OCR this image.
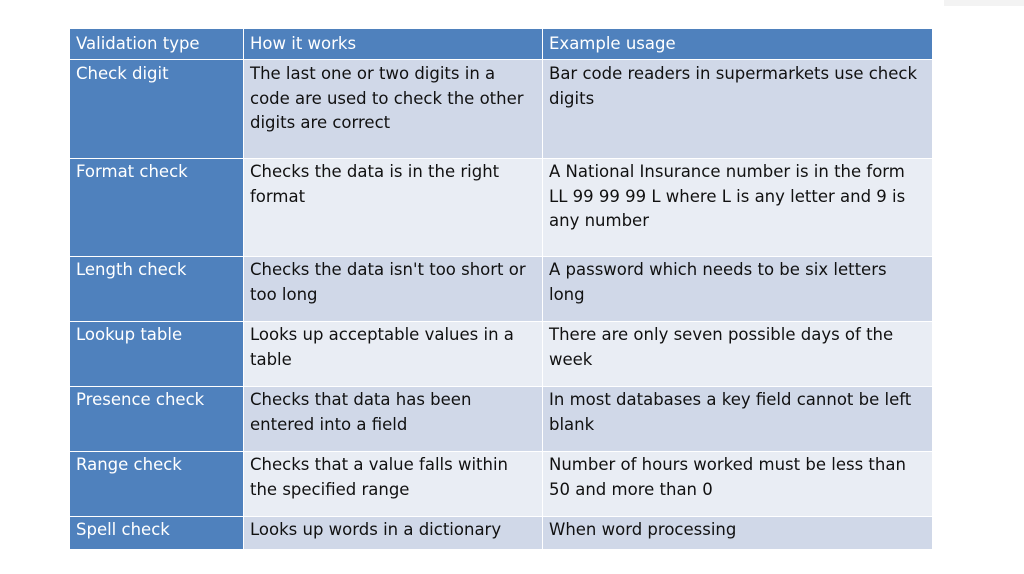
Validation type	How it works	Example usage
Check digit	The last one or two digits in a code are used to check the other digits are correct	Bar code readers in supermarkets use check digits
Format check	Checks the data is in the right format	A National Insurance number is in the form LL 99 99 99 L where L is any letter and 9 is any number
Length check	Checks the data isn't too short or too long	A password which needs to be six letters long
Lookup table	Looks up acceptable values in a table	There are only seven possible days of the week
Presence check	Checks that data has been entered into a field	In most databases a key field cannot be left blank
Range check	Checks that a value falls within the specified range	Number of hours worked must be less than 50 and more than 0
Spell check	Looks up words in a dictionary	When word processing
